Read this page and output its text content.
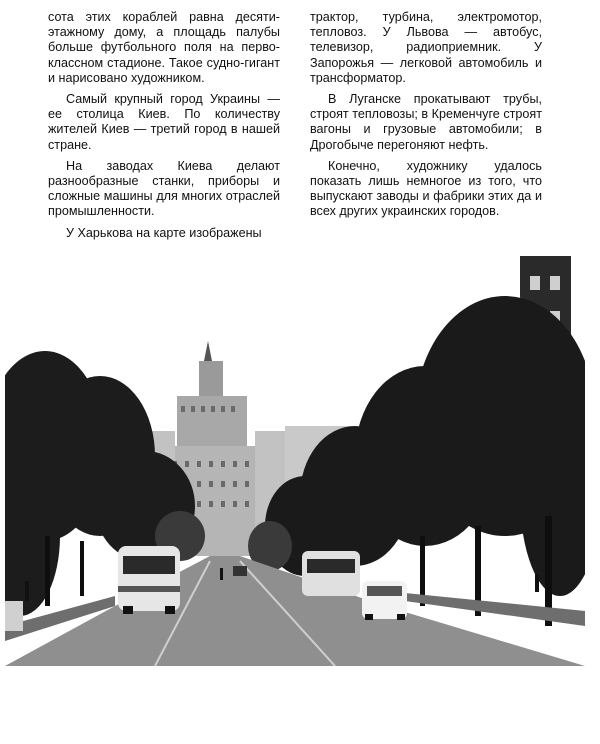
сота этих кораблей равна десяти-этажному дому, а площадь палубы больше футбольного поля на перво-классном стадионе. Такое судно-гигант и нарисовано художником.

Самый крупный город Украины — ее столица Киев. По количеству жителей Киев — третий город в нашей стране.

На заводах Киева делают разнообразные станки, приборы и сложные машины для многих отраслей промышленности.

У Харькова на карте изображены

трактор, турбина, электромотор, тепловоз. У Львова — автобус, телевизор, радиоприемник. У Запорожья — легковой автомобиль и трансформатор.

В Луганске прокатывают трубы, строят тепловозы; в Кременчуге строят вагоны и грузовые автомобили; в Дрогобыче перегоняют нефть.

Конечно, художнику удалось показать лишь немногое из того, что выпускают заводы и фабрики этих да и всех других украинских городов.
